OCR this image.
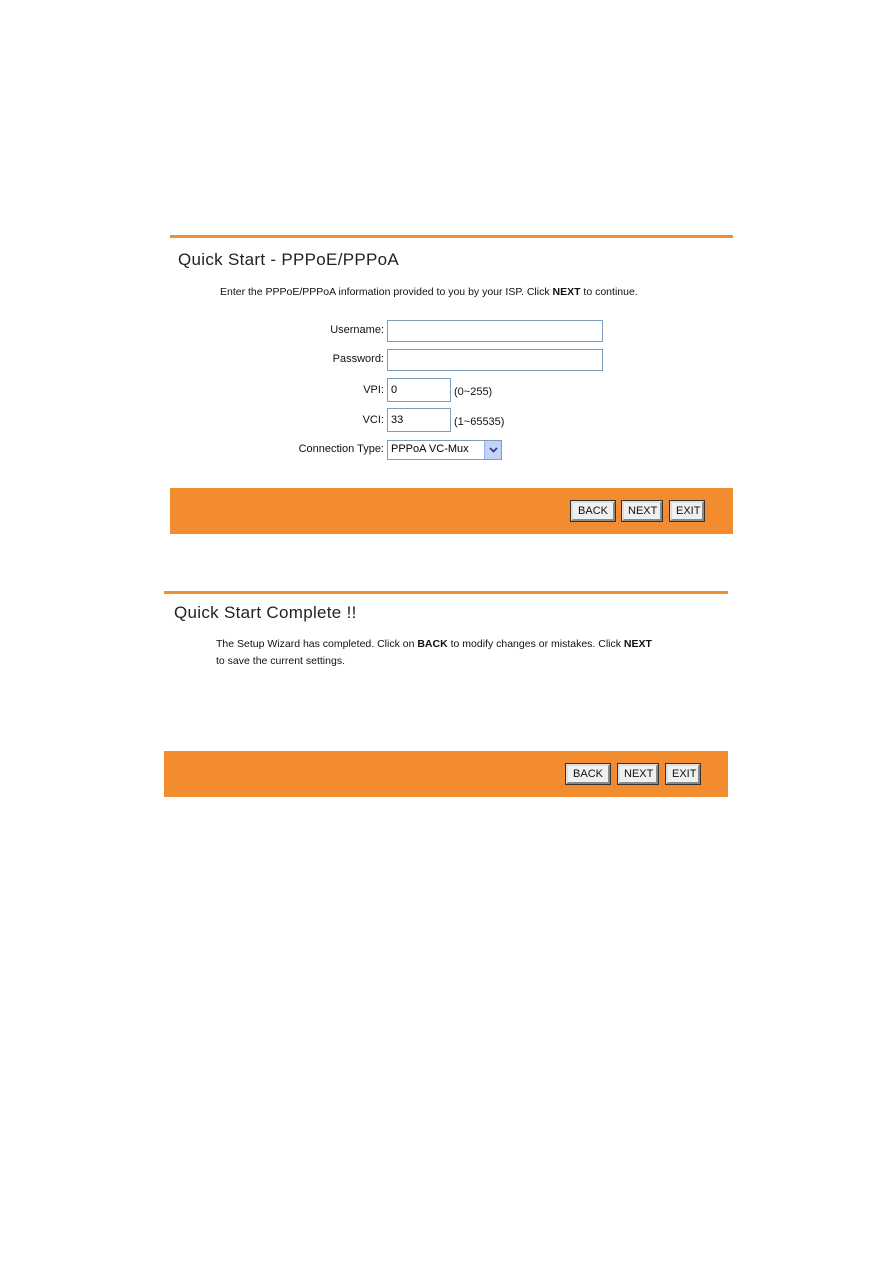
Quick Start - PPPoE/PPPoA
Enter the PPPoE/PPPoA information provided to you by your ISP. Click NEXT to continue.
Username:
Password:
VPI:
0	(0~255)
VCI:
33	(1~65535)
Connection Type: PPPoA VC-Mux
BACK	NEXT	EXIT
Quick Start Complete !!
The Setup Wizard has completed. Click on BACK to modify changes or mistakes. Click NEXT
to save the current settings.
BACK	NEXT	EXIT
